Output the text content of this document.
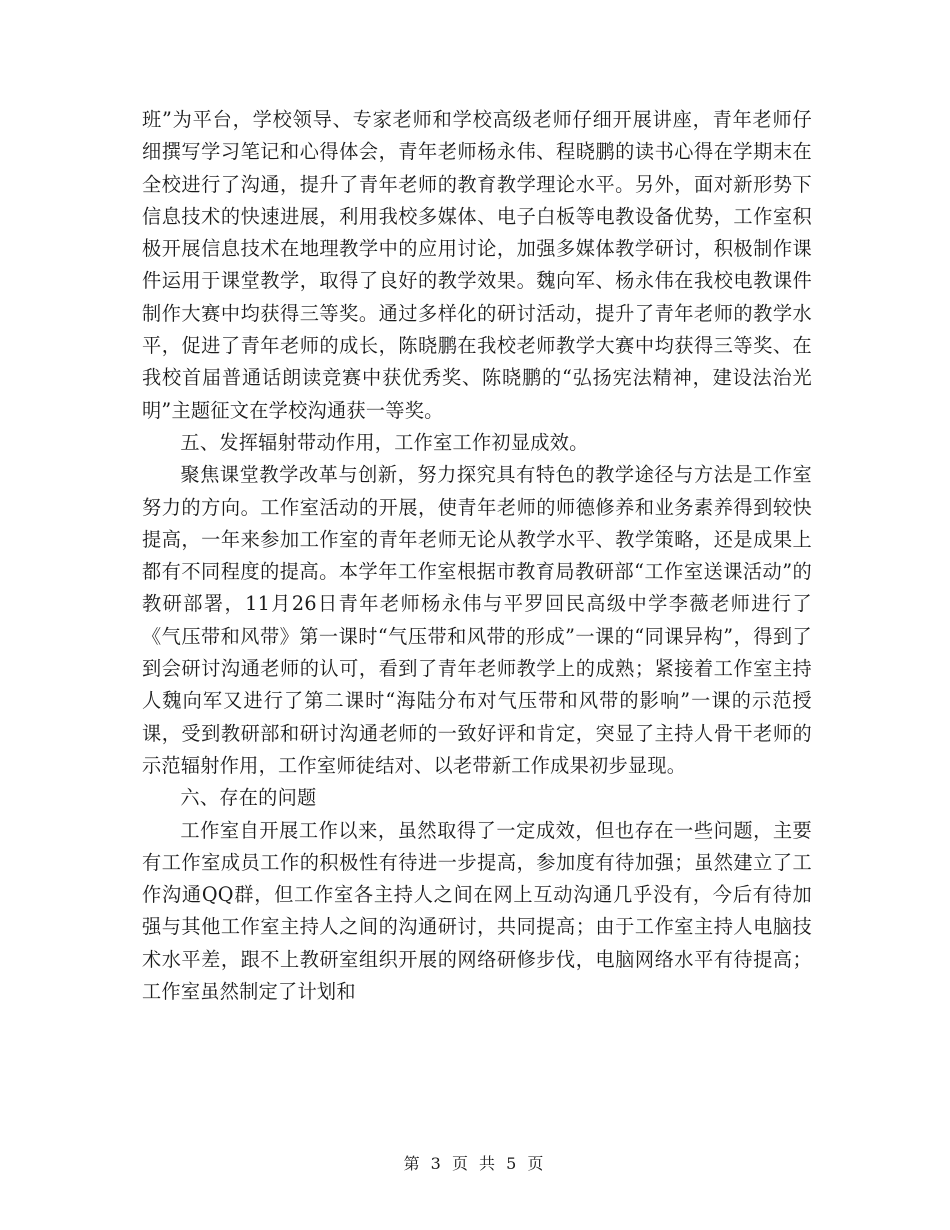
班”为平台，学校领导、专家老师和学校高级老师仔细开展讲座，青年老师仔细撰写学习笔记和心得体会，青年老师杨永伟、程晓鹏的读书心得在学期末在全校进行了沟通，提升了青年老师的教育教学理论水平。另外，面对新形势下信息技术的快速进展，利用我校多媒体、电子白板等电教设备优势，工作室积极开展信息技术在地理教学中的应用讨论，加强多媒体教学研讨，积极制作课件运用于课堂教学，取得了良好的教学效果。魏向军、杨永伟在我校电教课件制作大赛中均获得三等奖。通过多样化的研讨活动，提升了青年老师的教学水平，促进了青年老师的成长，陈晓鹏在我校老师教学大赛中均获得三等奖、在我校首届普通话朗读竞赛中获优秀奖、陈晓鹏的“弘扬宪法精神，建设法治光明”主题征文在学校沟通获一等奖。

五、发挥辐射带动作用，工作室工作初显成效。

聚焦课堂教学改革与创新，努力探究具有特色的教学途径与方法是工作室努力的方向。工作室活动的开展，使青年老师的师德修养和业务素养得到较快提高，一年来参加工作室的青年老师无论从教学水平、教学策略，还是成果上都有不同程度的提高。本学年工作室根据市教育局教研部“工作室送课活动”的教研部署，11月26日青年老师杨永伟与平罗回民高级中学李薇老师进行了《气压带和风带》第一课时“气压带和风带的形成”一课的“同课异构”，得到了到会研讨沟通老师的认可，看到了青年老师教学上的成熟；紧接着工作室主持人魏向军又进行了第二课时“海陆分布对气压带和风带的影响”一课的示范授课，受到教研部和研讨沟通老师的一致好评和肯定，突显了主持人骨干老师的示范辐射作用，工作室师徒结对、以老带新工作成果初步显现。

六、存在的问题

工作室自开展工作以来，虽然取得了一定成效，但也存在一些问题，主要有工作室成员工作的积极性有待进一步提高，参加度有待加强；虽然建立了工作沟通QQ群，但工作室各主持人之间在网上互动沟通几乎没有，今后有待加强与其他工作室主持人之间的沟通研讨，共同提高；由于工作室主持人电脑技术水平差，跟不上教研室组织开展的网络研修步伐，电脑网络水平有待提高；工作室虽然制定了计划和

第 3 页 共 5 页
